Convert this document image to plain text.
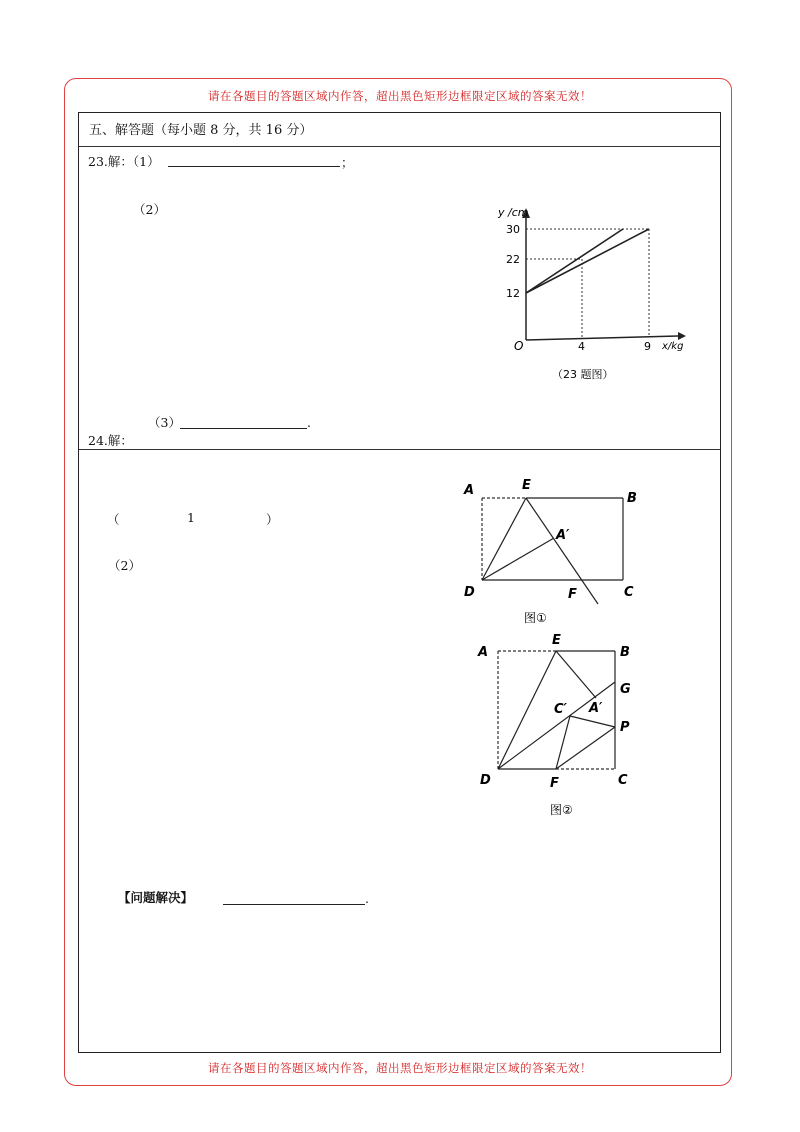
请在各题目的答题区域内作答，超出黑色矩形边框限定区域的答案无效！
请在各题目的答题区域内作答，超出黑色矩形边框限定区域的答案无效！
五、解答题（每小题 8 分，共 16 分）
23.解：（1）	；
（2）	y /cm
30
22
12
O	4	9 x/kg
（23 题图）
（3）	.
24.解：
（	1	）
（2）
A	E
B
A′
D	F	C
图①
A
E
B
G
C′ A′
P
D	F	C
图②
【问题解决】	.
